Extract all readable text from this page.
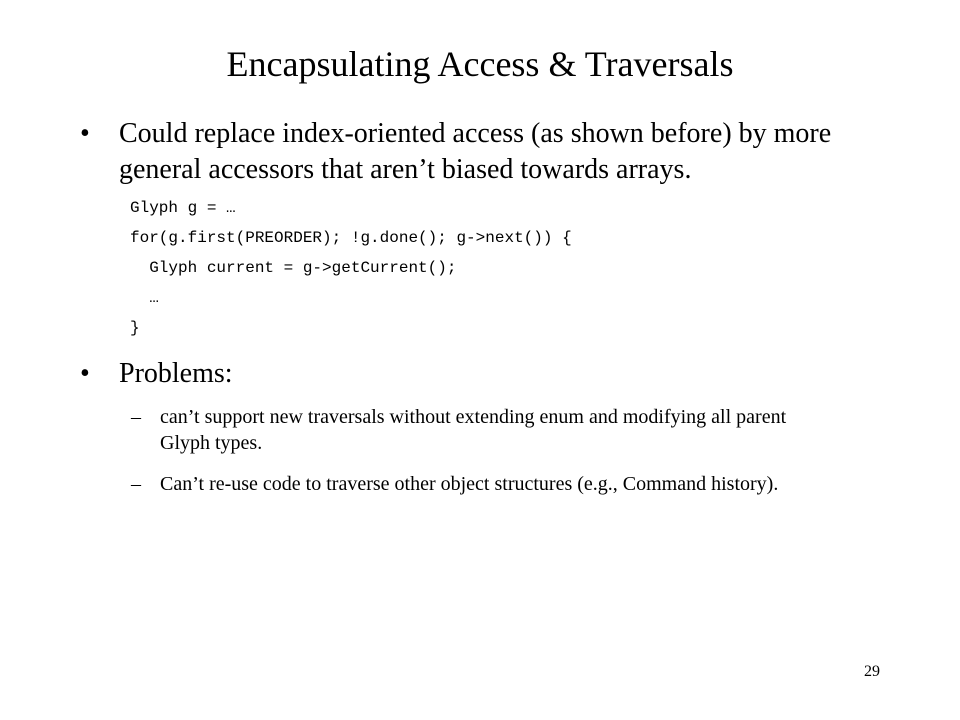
Encapsulating Access & Traversals
• Could replace index-oriented access (as shown before) by more general accessors that aren’t biased towards arrays.
Glyph g = …
for(g.first(PREORDER); !g.done(); g->next()) {
Glyph current = g->getCurrent();
…
}
• Problems:
– can’t support new traversals without extending enum and modifying all parent Glyph types.
– Can’t re-use code to traverse other object structures (e.g., Command history).
29
